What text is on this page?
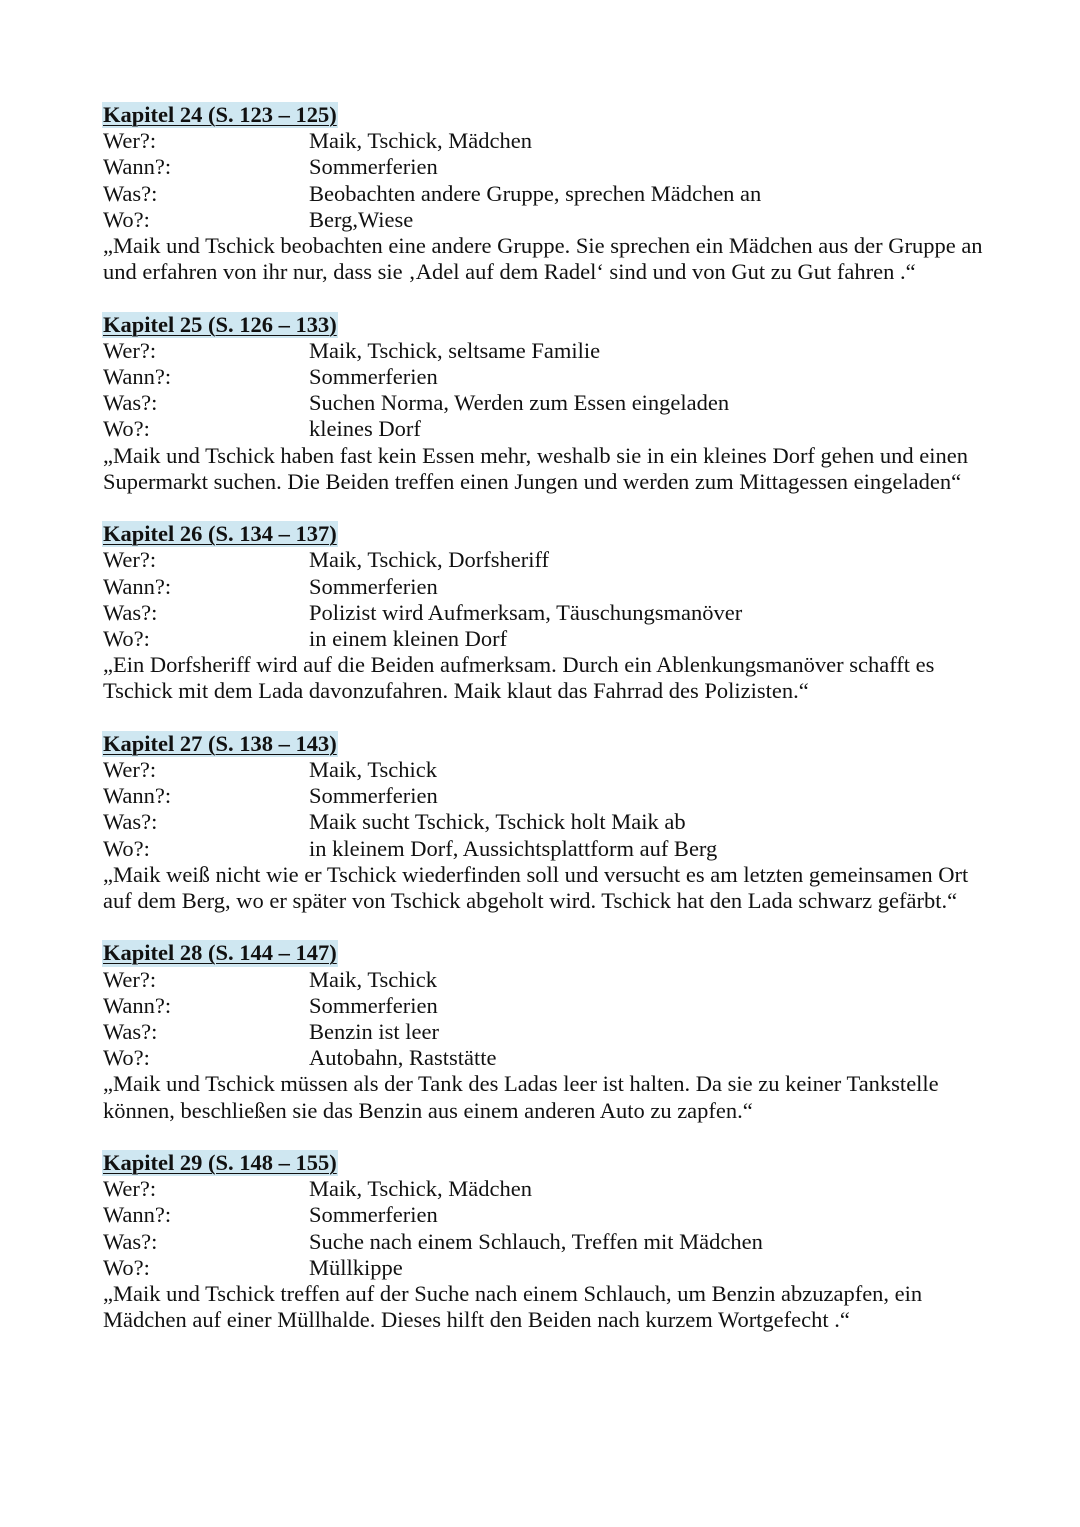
Kapitel 24 (S. 123 – 125)
Wer?:	Maik, Tschick, Mädchen
Wann?:	Sommerferien
Was?:	Beobachten andere Gruppe, sprechen Mädchen an
Wo?:	Berg,Wiese

„Maik und Tschick beobachten eine andere Gruppe. Sie sprechen ein Mädchen aus der Gruppe an und erfahren von ihr nur, dass sie ‚Adel auf dem Radel‘ sind und von Gut zu Gut fahren .“

Kapitel 25 (S. 126 – 133)
Wer?:	Maik, Tschick, seltsame Familie
Wann?:	Sommerferien
Was?:	Suchen Norma, Werden zum Essen eingeladen
Wo?:	kleines Dorf

„Maik und Tschick haben fast kein Essen mehr, weshalb sie in ein kleines Dorf gehen und einen Supermarkt suchen. Die Beiden treffen einen Jungen und werden zum Mittagessen eingeladen“

Kapitel 26 (S. 134 – 137)
Wer?:	Maik, Tschick, Dorfsheriff
Wann?:	Sommerferien
Was?:	Polizist wird Aufmerksam, Täuschungsmanöver
Wo?:	in einem kleinen Dorf

„Ein Dorfsheriff wird auf die Beiden aufmerksam. Durch ein Ablenkungsmanöver schafft es Tschick mit dem Lada davonzufahren. Maik klaut das Fahrrad des Polizisten.“

Kapitel 27 (S. 138 – 143)
Wer?:	Maik, Tschick
Wann?:	Sommerferien
Was?:	Maik sucht Tschick, Tschick holt Maik ab
Wo?:	in kleinem Dorf, Aussichtsplattform auf Berg

„Maik weiß nicht wie er Tschick wiederfinden soll und versucht es am letzten gemeinsamen Ort auf dem Berg, wo er später von Tschick abgeholt wird. Tschick hat den Lada schwarz gefärbt.“

Kapitel 28 (S. 144 – 147)
Wer?:	Maik, Tschick
Wann?:	Sommerferien
Was?:	Benzin ist leer
Wo?:	Autobahn, Raststätte

„Maik und Tschick müssen als der Tank des Ladas leer ist halten. Da sie zu keiner Tankstelle können, beschließen sie das Benzin aus einem anderen Auto zu zapfen.“

Kapitel 29 (S. 148 – 155)
Wer?:	Maik, Tschick, Mädchen
Wann?:	Sommerferien
Was?:	Suche nach einem Schlauch, Treffen mit Mädchen
Wo?:	Müllkippe

„Maik und Tschick treffen auf der Suche nach einem Schlauch, um Benzin abzuzapfen, ein Mädchen auf einer Müllhalde. Dieses hilft den Beiden nach kurzem Wortgefecht .“
